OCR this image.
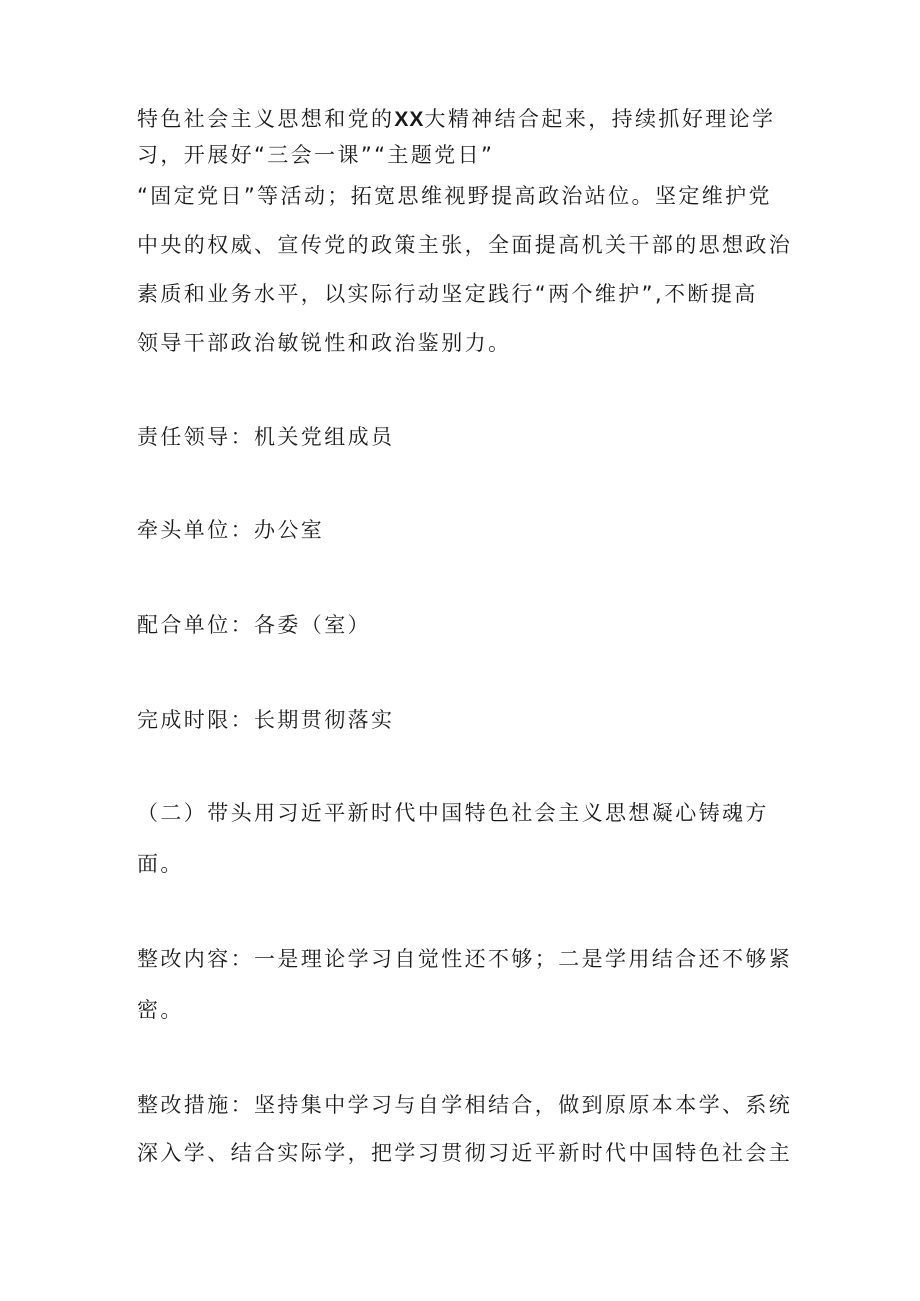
特色社会主义思想和党的XX大精神结合起来，持续抓好理论学
习，开展好“三会一课”“主题党日”
“固定党日”等活动；拓宽思维视野提高政治站位。坚定维护党
中央的权威、宣传党的政策主张，全面提高机关干部的思想政治
素质和业务水平，以实际行动坚定践行“两个维护”,不断提高
领导干部政治敏锐性和政治鉴别力。
责任领导：机关党组成员
牵头单位：办公室
配合单位：各委（室）
完成时限：长期贯彻落实
（二）带头用习近平新时代中国特色社会主义思想凝心铸魂方
面。
整改内容：一是理论学习自觉性还不够；二是学用结合还不够紧
密。
整改措施：坚持集中学习与自学相结合，做到原原本本学、系统
深入学、结合实际学，把学习贯彻习近平新时代中国特色社会主
